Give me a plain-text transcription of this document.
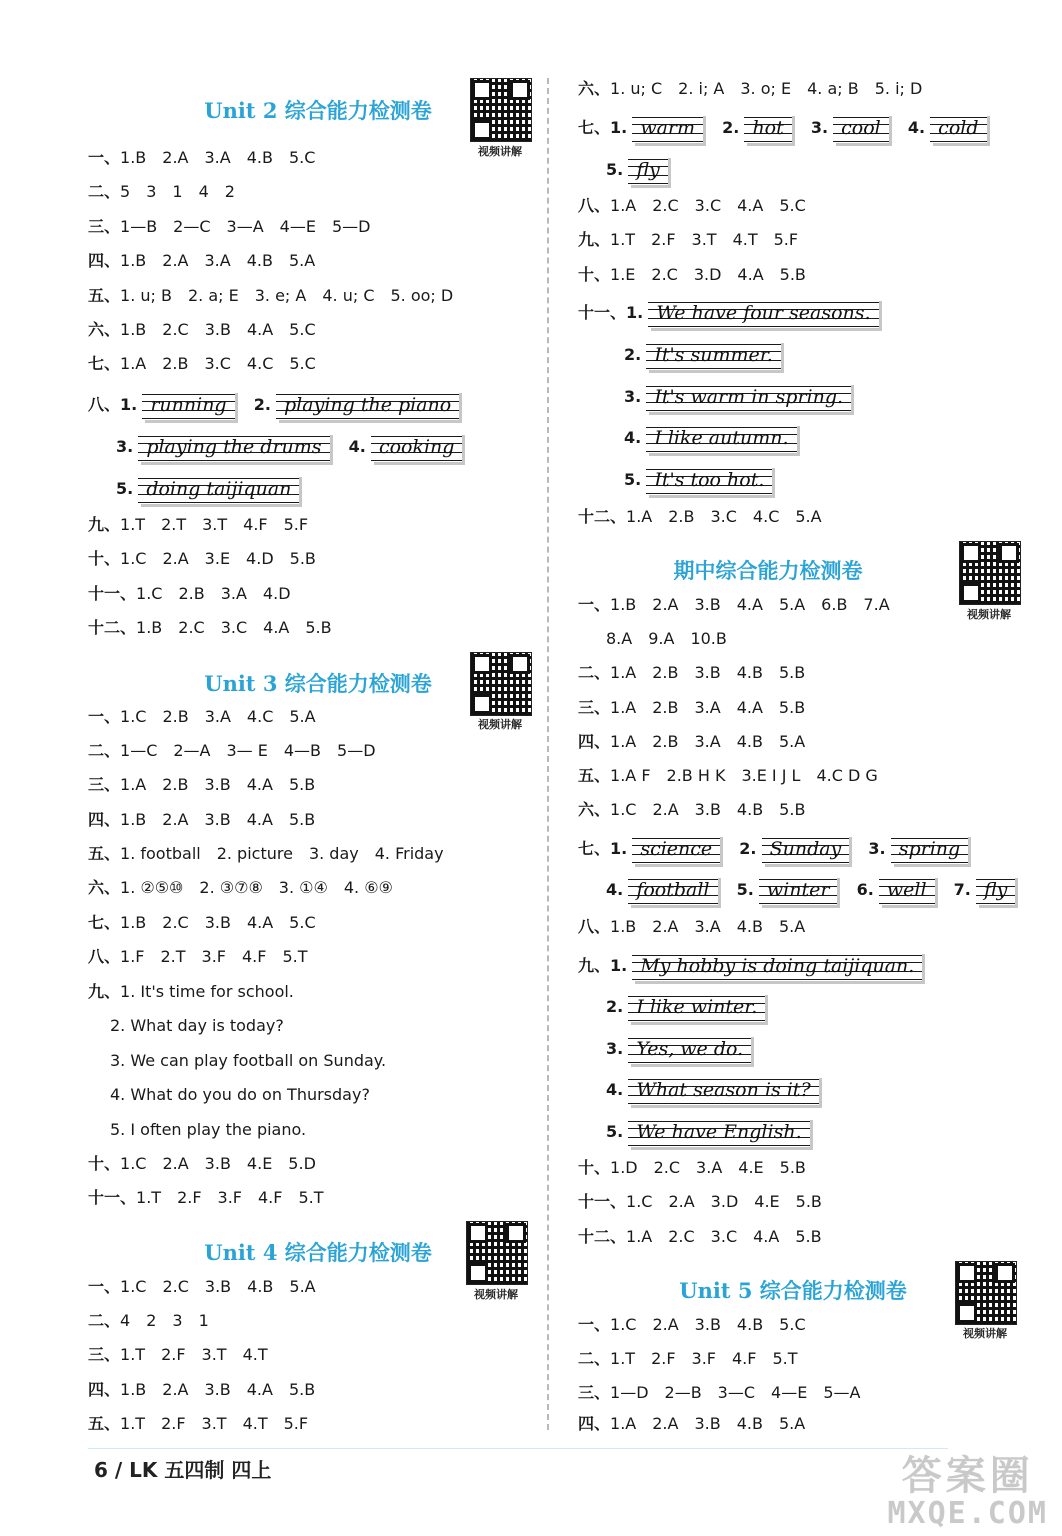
Unit 2 综合能力检测卷
一、1.B 2.A 3.A 4.B 5.C
二、5 3 1 4 2
三、1—B 2—C 3—A 4—E 5—D
四、1.B 2.A 3.A 4.B 5.A
五、1. u; B 2. a; E 3. e; A 4. u; C 5. oo; D
六、1.B 2.C 3.B 4.A 5.C
七、1.A 2.B 3.C 4.C 5.C
八、1. running 2. playing the piano
3. playing the drums 4. cooking
5. doing taijiquan
九、1.T 2.T 3.T 4.F 5.F
十、1.C 2.A 3.E 4.D 5.B
十一、1.C 2.B 3.A 4.D
十二、1.B 2.C 3.C 4.A 5.B
Unit 3 综合能力检测卷
一、1.C 2.B 3.A 4.C 5.A
二、1—C 2—A 3— E 4—B 5—D
三、1.A 2.B 3.B 4.A 5.B
四、1.B 2.A 3.B 4.A 5.B
五、1. football 2. picture 3. day 4. Friday
六、1. ②⑤⑩ 2. ③⑦⑧ 3. ①④ 4. ⑥⑨
七、1.B 2.C 3.B 4.A 5.C
八、1.F 2.T 3.F 4.F 5.T
九、1. It's time for school.
2. What day is today?
3. We can play football on Sunday.
4. What do you do on Thursday?
5. I often play the piano.
十、1.C 2.A 3.B 4.E 5.D
十一、1.T 2.F 3.F 4.F 5.T
Unit 4 综合能力检测卷
一、1.C 2.C 3.B 4.B 5.A
二、4 2 3 1
三、1.T 2.F 3.T 4.T
四、1.B 2.A 3.B 4.A 5.B
五、1.T 2.F 3.T 4.T 5.F
视频讲解
视频讲解
视频讲解
六、1. u; C 2. i; A 3. o; E 4. a; B 5. i; D
七、1. warm 2. hot 3. cool 4. cold
5. fly
八、1.A 2.C 3.C 4.A 5.C
九、1.T 2.F 3.T 4.T 5.F
十、1.E 2.C 3.D 4.A 5.B
十一、1. We have four seasons.
2. It's summer.
3. It's warm in spring.
4. I like autumn.
5. It's too hot.
十二、1.A 2.B 3.C 4.C 5.A
期中综合能力检测卷
一、1.B 2.A 3.B 4.A 5.A 6.B 7.A
8.A 9.A 10.B
二、1.A 2.B 3.B 4.B 5.B
三、1.A 2.B 3.A 4.A 5.B
四、1.A 2.B 3.A 4.B 5.A
五、1.A F 2.B H K 3.E I J L 4.C D G
六、1.C 2.A 3.B 4.B 5.B
七、1. science 2. Sunday 3. spring
4. football 5. winter 6. well 7. fly
八、1.B 2.A 3.A 4.B 5.A
九、1. My hobby is doing taijiquan.
2. I like winter.
3. Yes, we do.
4. What season is it?
5. We have English.
十、1.D 2.C 3.A 4.E 5.B
十一、1.C 2.A 3.D 4.E 5.B
十二、1.A 2.C 3.C 4.A 5.B
Unit 5 综合能力检测卷
一、1.C 2.A 3.B 4.B 5.C
二、1.T 2.F 3.F 4.F 5.T
三、1—D 2—B 3—C 4—E 5—A
四、1.A 2.A 3.B 4.B 5.A
视频讲解
视频讲解
6 / LK 五四制 四上	答案圈
MXQE.COM
